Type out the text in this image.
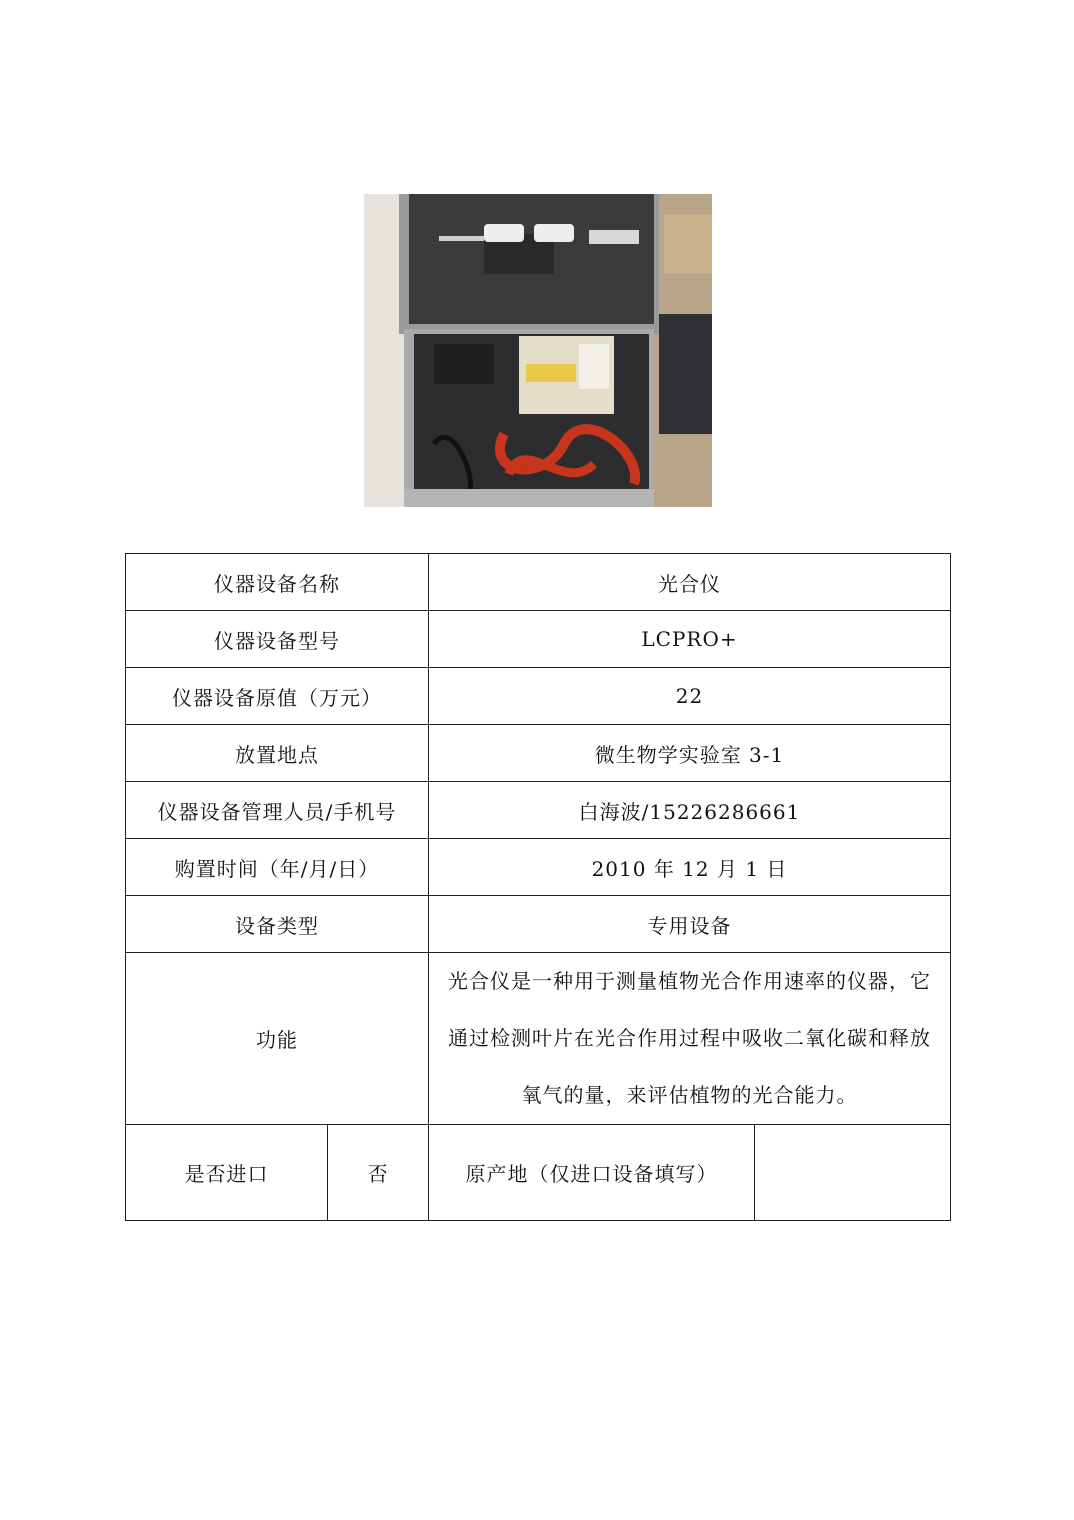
仪器设备名称		光合仪	
仪器设备型号		LCPRO+	
仪器设备原值（万元）		22	
放置地点		微生物学实验室 3-1	
仪器设备管理人员/手机号		白海波/15226286661	
购置时间（年/月/日）		2010 年 12 月 1 日	
设备类型		专用设备	
功能		光合仪是一种用于测量植物光合作用速率的仪器，它
通过检测叶片在光合作用过程中吸收二氧化碳和释放
氧气的量，来评估植物的光合能力。	

是否进口	否	原产地（仅进口设备填写）	
